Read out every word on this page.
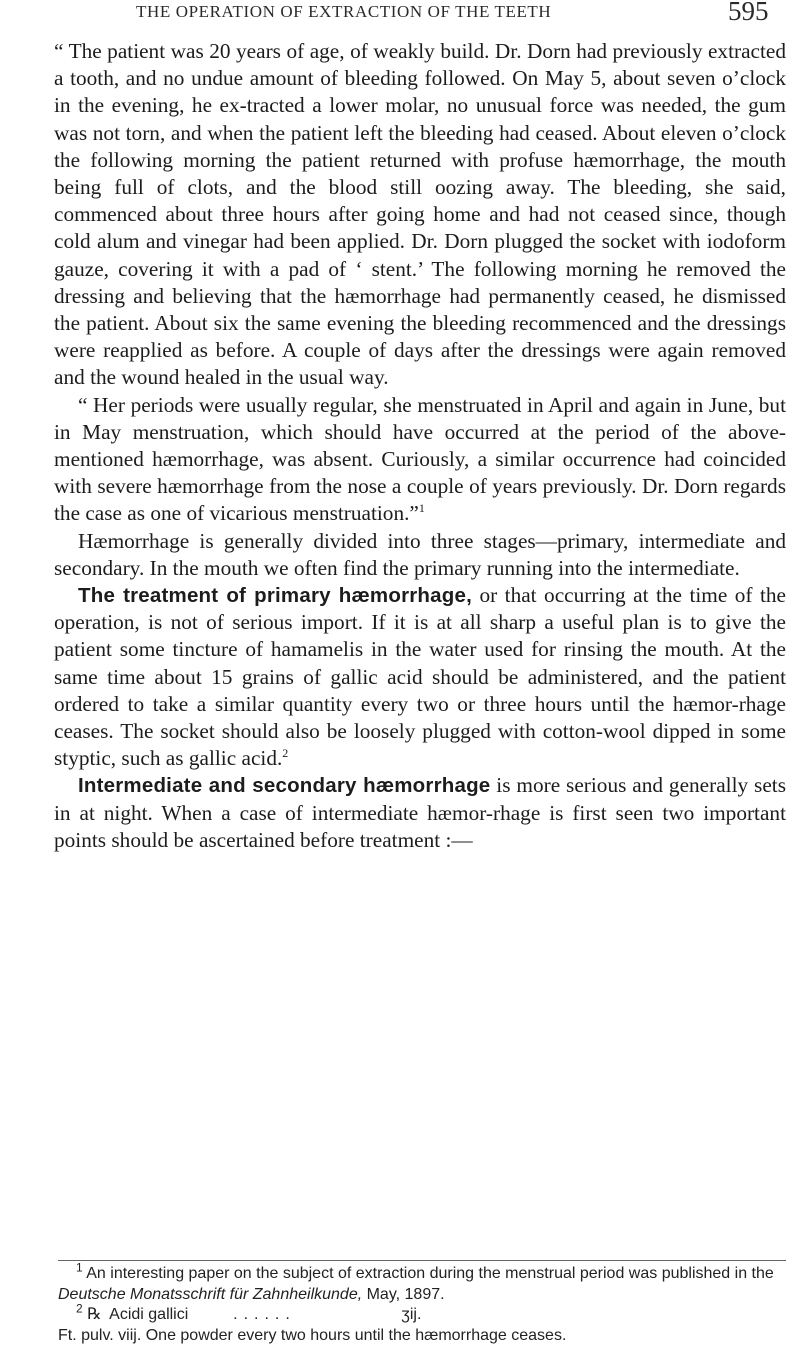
THE OPERATION OF EXTRACTION OF THE TEETH	595

“ The patient was 20 years of age, of weakly build. Dr. Dorn had previously extracted a tooth, and no undue amount of bleeding followed. On May 5, about seven o’clock in the evening, he ex-tracted a lower molar, no unusual force was needed, the gum was not torn, and when the patient left the bleeding had ceased. About eleven o’clock the following morning the patient returned with profuse hæmorrhage, the mouth being full of clots, and the blood still oozing away. The bleeding, she said, commenced about three hours after going home and had not ceased since, though cold alum and vinegar had been applied. Dr. Dorn plugged the socket with iodoform gauze, covering it with a pad of ‘ stent.’ The following morning he removed the dressing and believing that the hæmorrhage had permanently ceased, he dismissed the patient. About six the same evening the bleeding recommenced and the dressings were reapplied as before. A couple of days after the dressings were again removed and the wound healed in the usual way.

“ Her periods were usually regular, she menstruated in April and again in June, but in May menstruation, which should have occurred at the period of the above-mentioned hæmorrhage, was absent. Curiously, a similar occurrence had coincided with severe hæmorrhage from the nose a couple of years previously. Dr. Dorn regards the case as one of vicarious menstruation.”$^1$

Hæmorrhage is generally divided into three stages—primary, intermediate and secondary. In the mouth we often find the primary running into the intermediate.

The treatment of primary hæmorrhage, or that occurring at the time of the operation, is not of serious import. If it is at all sharp a useful plan is to give the patient some tincture of hamamelis in the water used for rinsing the mouth. At the same time about 15 grains of gallic acid should be administered, and the patient ordered to take a similar quantity every two or three hours until the hæmor-rhage ceases. The socket should also be loosely plugged with cotton-wool dipped in some styptic, such as gallic acid.$^2$

Intermediate and secondary hæmorrhage is more serious and generally sets in at night. When a case of intermediate hæmor-rhage is first seen two important points should be ascertained before treatment :—

$^1$ An interesting paper on the subject of extraction during the menstrual period was published in the Deutsche Monatsschrift für Zahnheilkunde, May, 1897.

$^2$ ℞ Acidi gallici	......	ʒij.

Ft. pulv. viij. One powder every two hours until the hæmorrhage ceases.
